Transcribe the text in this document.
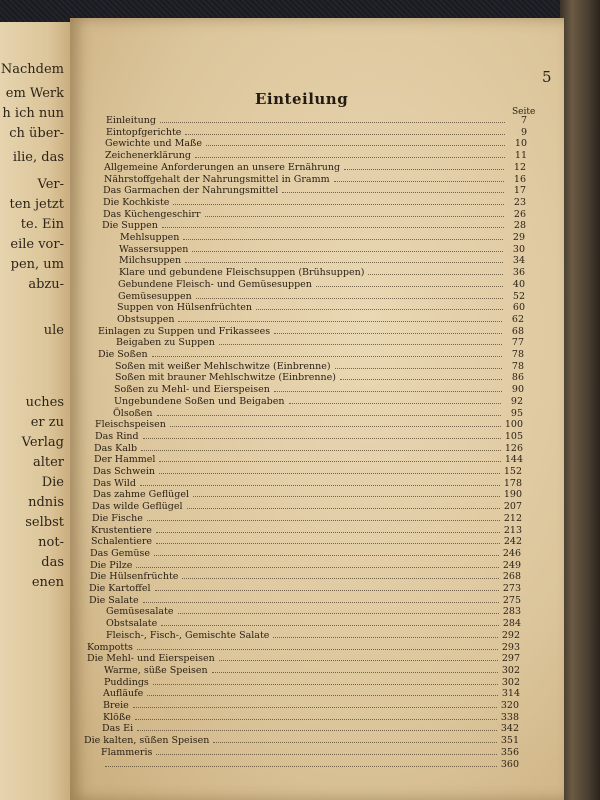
Nachdem
em Werk
h ich nun
ch über-
ilie, das
Ver-
ten jetzt
te. Ein
eile vor-
pen, um
abzu-
ule
uches
er zu
Verlag
alter
Die
ndnis
selbst
not-
das
enen
5
Einteilung
Seite
Einleitung	7
Eintopfgerichte	9
Gewichte und Maße	10
Zeichenerklärung	11
Allgemeine Anforderungen an unsere Ernährung	12
Nährstoffgehalt der Nahrungsmittel in Gramm	16
Das Garmachen der Nahrungsmittel	17
Die Kochkiste	23
Das Küchengeschirr	26
Die Suppen	28
Mehlsuppen	29
Wassersuppen	30
Milchsuppen	34
Klare und gebundene Fleischsuppen (Brühsuppen)	36
Gebundene Fleisch- und Gemüsesuppen	40
Gemüsesuppen	52
Suppen von Hülsenfrüchten	60
Obstsuppen	62
Einlagen zu Suppen und Frikassees	68
Beigaben zu Suppen	77
Die Soßen	78
Soßen mit weißer Mehlschwitze (Einbrenne)	78
Soßen mit brauner Mehlschwitze (Einbrenne)	86
Soßen zu Mehl- und Eierspeisen	90
Ungebundene Soßen und Beigaben	92
Ölsoßen	95
Fleischspeisen	100
Das Rind	105
Das Kalb	126
Der Hammel	144
Das Schwein	152
Das Wild	178
Das zahme Geflügel	190
Das wilde Geflügel	207
Die Fische	212
Krustentiere	213
Schalentiere	242
Das Gemüse	246
Die Pilze	249
Die Hülsenfrüchte	268
Die Kartoffel	273
Die Salate	275
Gemüsesalate	283
Obstsalate	284
Fleisch-, Fisch-, Gemischte Salate	292
Kompotts	293
Die Mehl- und Eierspeisen	297
Warme, süße Speisen	302
Puddings	302
Aufläufe	314
Breie	320
Klöße	338
Das Ei	342
Die kalten, süßen Speisen	351
Flammeris	356
360
